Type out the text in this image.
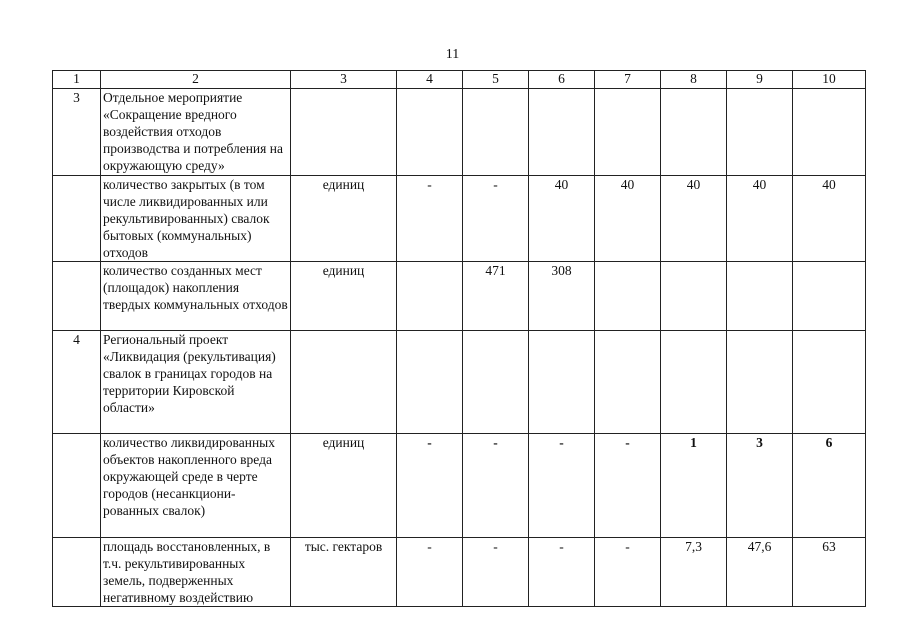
11
1	2	3	4	5	6	7	8	9	10
3	Отдельное мероприятие «Сокращение вредного воздействия отходов производства и потребления на окружающую среду»								
	количество закрытых (в том числе ликвидированных или рекультивированных) свалок бытовых (коммунальных) отходов	единиц	-	-	40	40	40	40	40
	количество созданных мест (площадок) накопления твердых коммунальных отходов	единиц		471	308				
4	Региональный проект «Ликвидация (рекультивация) свалок в границах городов на территории Кировской области»								
	количество ликвидированных объектов накопленного вреда окружающей среде в черте городов (несанкциони-рованных свалок)	единиц	-	-	-	-	1	3	6
	площадь восстановленных, в т.ч. рекультивированных земель, подверженных негативному воздействию	тыс. гектаров	-	-	-	-	7,3	47,6	63
